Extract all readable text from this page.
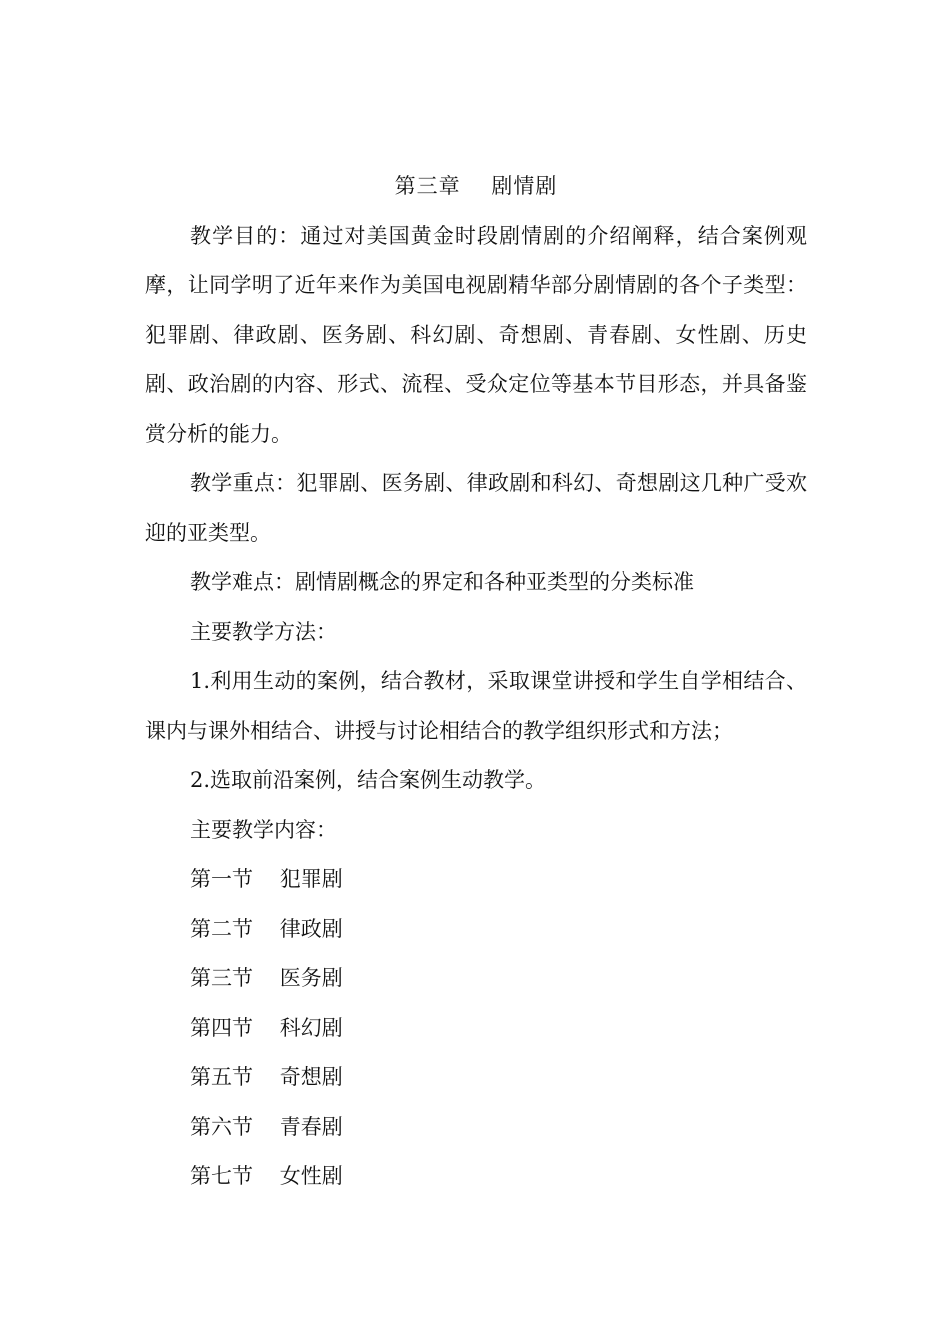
第三章    剧情剧

教学目的：通过对美国黄金时段剧情剧的介绍阐释，结合案例观摩，让同学明了近年来作为美国电视剧精华部分剧情剧的各个子类型：犯罪剧、律政剧、医务剧、科幻剧、奇想剧、青春剧、女性剧、历史剧、政治剧的内容、形式、流程、受众定位等基本节目形态，并具备鉴赏分析的能力。

教学重点：犯罪剧、医务剧、律政剧和科幻、奇想剧这几种广受欢迎的亚类型。

教学难点：剧情剧概念的界定和各种亚类型的分类标准

主要教学方法：

1.利用生动的案例，结合教材，采取课堂讲授和学生自学相结合、课内与课外相结合、讲授与讨论相结合的教学组织形式和方法；

2.选取前沿案例，结合案例生动教学。

主要教学内容：

第一节    犯罪剧

第二节    律政剧

第三节    医务剧

第四节    科幻剧

第五节    奇想剧

第六节    青春剧

第七节    女性剧
